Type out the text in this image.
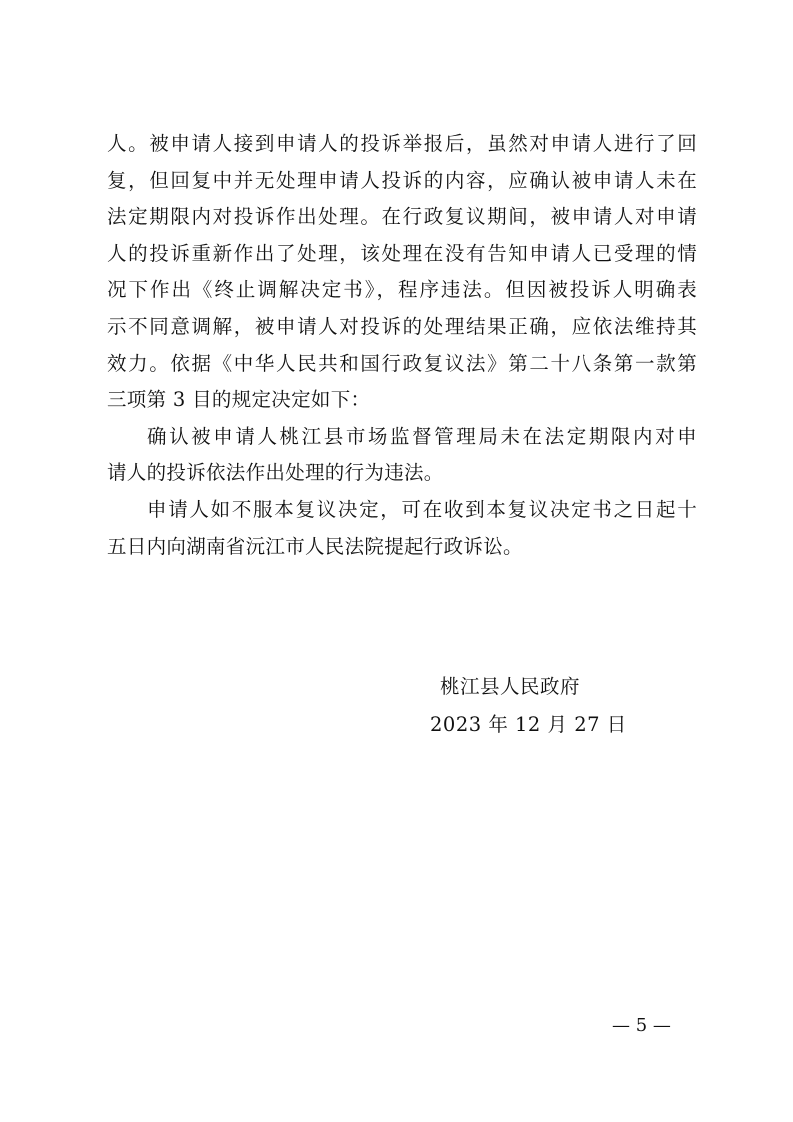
人。被申请人接到申请人的投诉举报后，虽然对申请人进行了回
复，但回复中并无处理申请人投诉的内容，应确认被申请人未在
法定期限内对投诉作出处理。在行政复议期间，被申请人对申请
人的投诉重新作出了处理，该处理在没有告知申请人已受理的情
况下作出《终止调解决定书》，程序违法。但因被投诉人明确表
示不同意调解，被申请人对投诉的处理结果正确，应依法维持其
效力。依据《中华人民共和国行政复议法》第二十八条第一款第
三项第 3 目的规定决定如下：
确认被申请人桃江县市场监督管理局未在法定期限内对申
请人的投诉依法作出处理的行为违法。
申请人如不服本复议决定，可在收到本复议决定书之日起十
五日内向湖南省沅江市人民法院提起行政诉讼。
桃江县人民政府
2023 年 12 月 27 日
— 5 —
